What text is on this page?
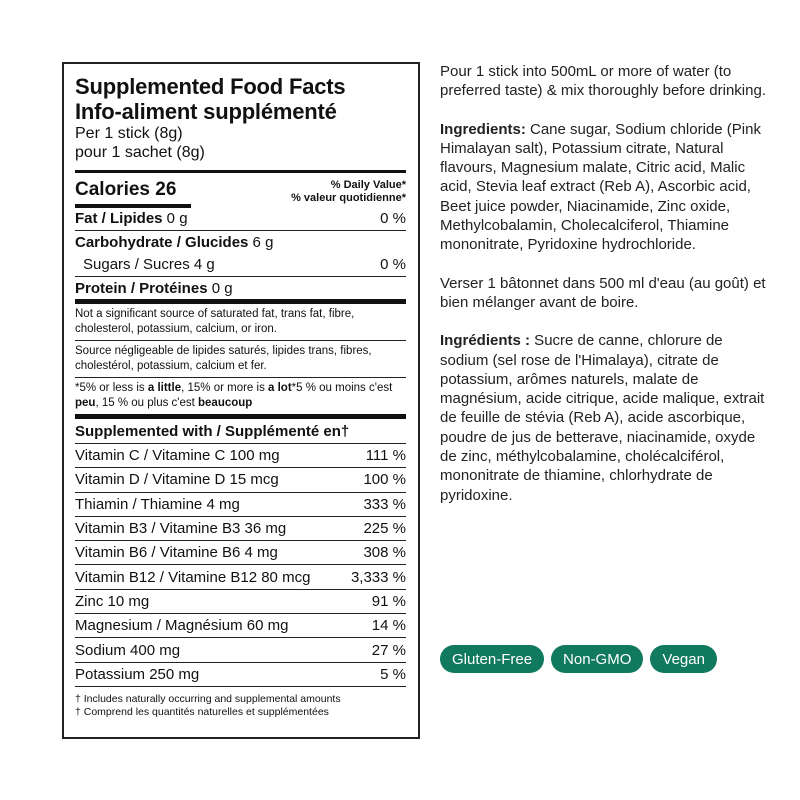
Supplemented Food Facts
Info-aliment supplémenté
Per 1 stick (8g)
pour 1 sachet (8g)
Calories 26	% Daily Value*
% valeur quotidienne*
Fat / Lipides 0 g	0 %
Carbohydrate / Glucides 6 g
Sugars / Sucres 4 g	0 %
Protein / Protéines 0 g
Not a significant source of saturated fat, trans fat, fibre, cholesterol, potassium, calcium, or iron.
Source négligeable de lipides saturés, lipides trans, fibres, cholestérol, potassium, calcium et fer.
*5% or less is a little, 15% or more is a lot*5 % ou moins c'est peu, 15 % ou plus c'est beaucoup
Supplemented with / Supplémenté en†
Vitamin C / Vitamine C 100 mg	111 %
Vitamin D / Vitamine D 15 mcg	100 %
Thiamin / Thiamine 4 mg	333 %
Vitamin B3 / Vitamine B3 36 mg	225 %
Vitamin B6 / Vitamine B6 4 mg	308 %
Vitamin B12 / Vitamine B12 80 mcg	3,333 %
Zinc 10 mg	91 %
Magnesium / Magnésium 60 mg	14 %
Sodium 400 mg	27 %
Potassium 250 mg	5 %
† Includes naturally occurring and supplemental amounts
† Comprend les quantités naturelles et supplémentées

Pour 1 stick into 500mL or more of water (to preferred taste) & mix thoroughly before drinking.

Ingredients: Cane sugar, Sodium chloride (Pink Himalayan salt), Potassium citrate, Natural flavours, Magnesium malate, Citric acid, Malic acid, Stevia leaf extract (Reb A), Ascorbic acid, Beet juice powder, Niacinamide, Zinc oxide, Methylcobalamin, Cholecalciferol, Thiamine mononitrate, Pyridoxine hydrochloride.

Verser 1 bâtonnet dans 500 ml d'eau (au goût) et bien mélanger avant de boire.

Ingrédients : Sucre de canne, chlorure de sodium (sel rose de l'Himalaya), citrate de potassium, arômes naturels, malate de magnésium, acide citrique, acide malique, extrait de feuille de stévia (Reb A), acide ascorbique, poudre de jus de betterave, niacinamide, oxyde de zinc, méthylcobalamine, cholécalciférol, mononitrate de thiamine, chlorhydrate de pyridoxine.

Gluten-Free	Non-GMO	Vegan
